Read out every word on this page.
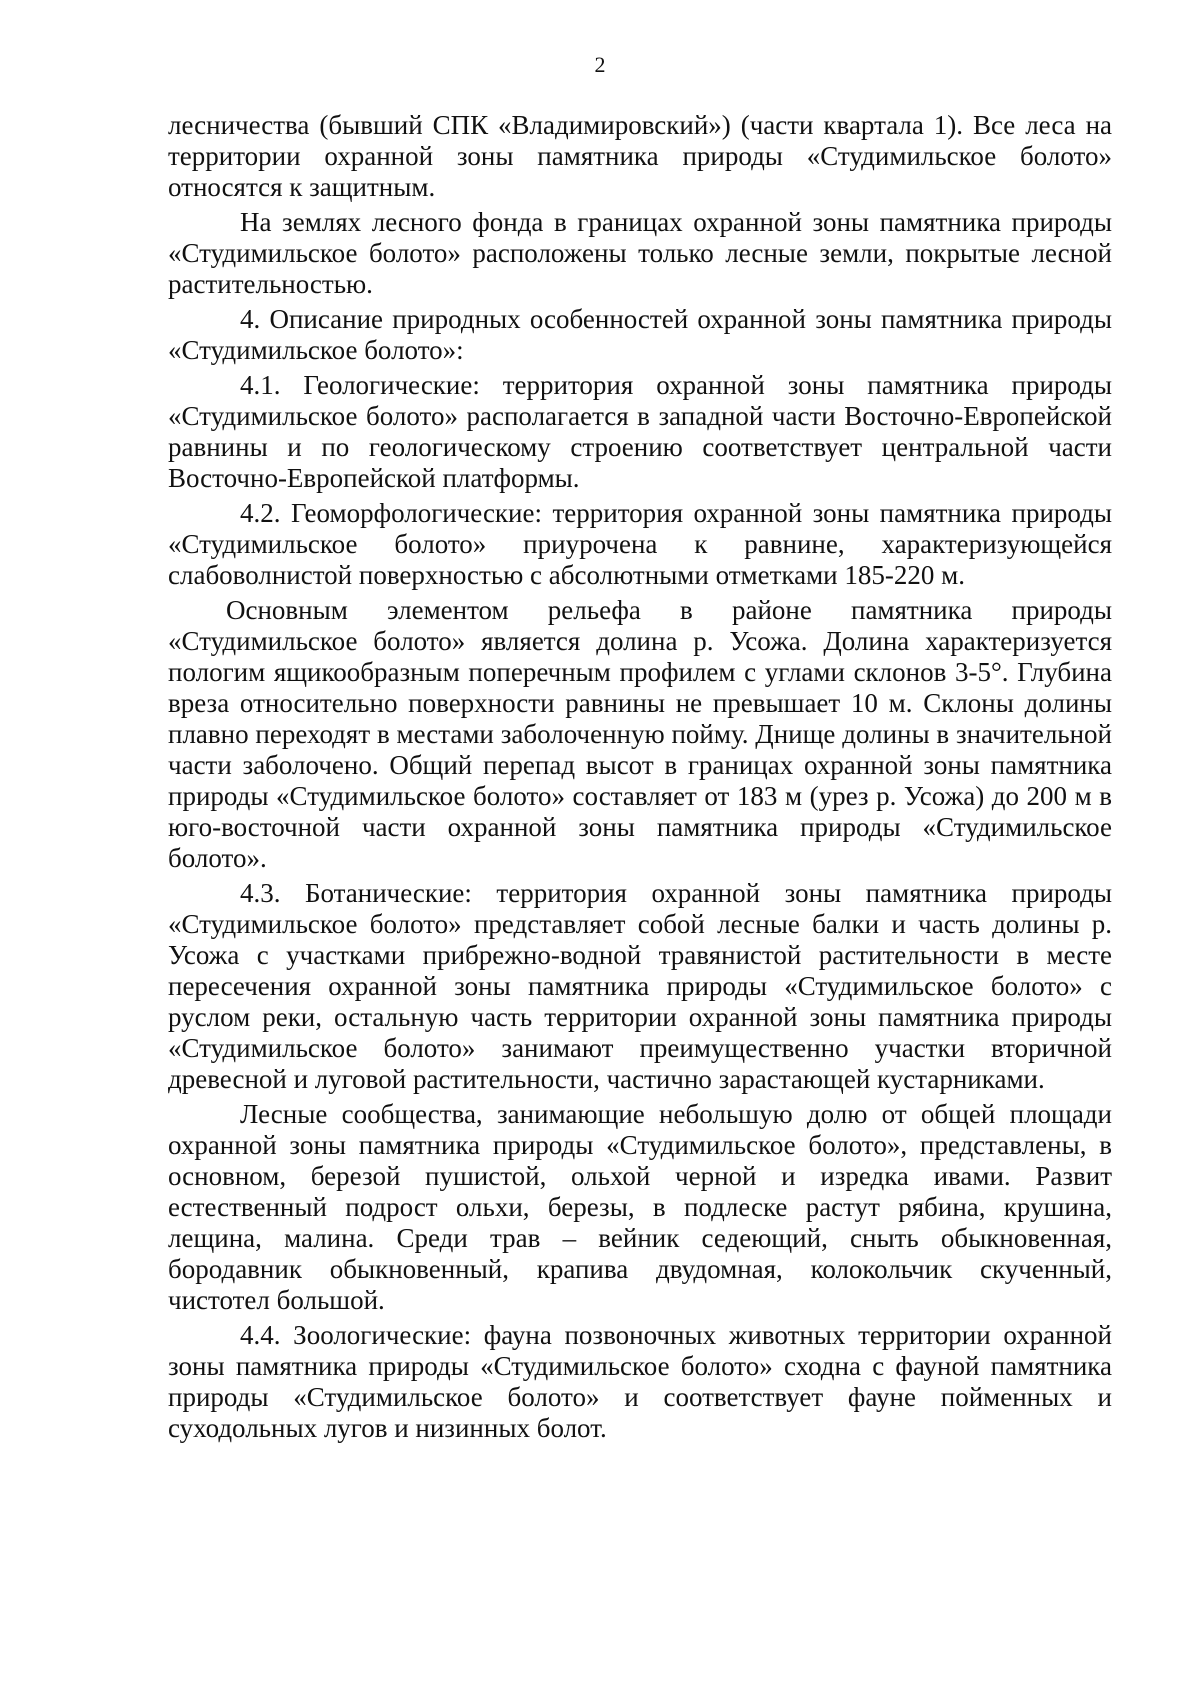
2

лесничества (бывший СПК «Владимировский») (части квартала 1). Все леса на территории охранной зоны памятника природы «Студимильское болото» относятся к защитным.

На землях лесного фонда в границах охранной зоны памятника природы «Студимильское болото» расположены только лесные земли, покрытые лесной растительностью.

4. Описание природных особенностей охранной зоны памятника природы «Студимильское болото»:

4.1. Геологические: территория охранной зоны памятника природы «Студимильское болото» располагается в западной части Восточно-Европейской равнины и по геологическому строению соответствует центральной части Восточно-Европейской платформы.

4.2. Геоморфологические: территория охранной зоны памятника природы «Студимильское болото» приурочена к равнине, характеризующейся слабоволнистой поверхностью с абсолютными отметками 185-220 м.

Основным элементом рельефа в районе памятника природы «Студимильское болото» является долина р. Усожа. Долина характеризуется пологим ящикообразным поперечным профилем с углами склонов 3-5°. Глубина вреза относительно поверхности равнины не превышает 10 м. Склоны долины плавно переходят в местами заболоченную пойму. Днище долины в значительной части заболочено. Общий перепад высот в границах охранной зоны памятника природы «Студимильское болото» составляет от 183 м (урез р. Усожа) до 200 м в юго-восточной части охранной зоны памятника природы «Студимильское болото».

4.3. Ботанические: территория охранной зоны памятника природы «Студимильское болото» представляет собой лесные балки и часть долины р. Усожа с участками прибрежно-водной травянистой растительности в месте пересечения охранной зоны памятника природы «Студимильское болото» с руслом реки, остальную часть территории охранной зоны памятника природы «Студимильское болото» занимают преимущественно участки вторичной древесной и луговой растительности, частично зарастающей кустарниками.

Лесные сообщества, занимающие небольшую долю от общей площади охранной зоны памятника природы «Студимильское болото», представлены, в основном, березой пушистой, ольхой черной и изредка ивами. Развит естественный подрост ольхи, березы, в подлеске растут рябина, крушина, лещина, малина. Среди трав – вейник седеющий, сныть обыкновенная, бородавник обыкновенный, крапива двудомная, колокольчик скученный, чистотел большой.

4.4. Зоологические: фауна позвоночных животных территории охранной зоны памятника природы «Студимильское болото» сходна с фауной памятника природы «Студимильское болото» и соответствует фауне пойменных и суходольных лугов и низинных болот.
